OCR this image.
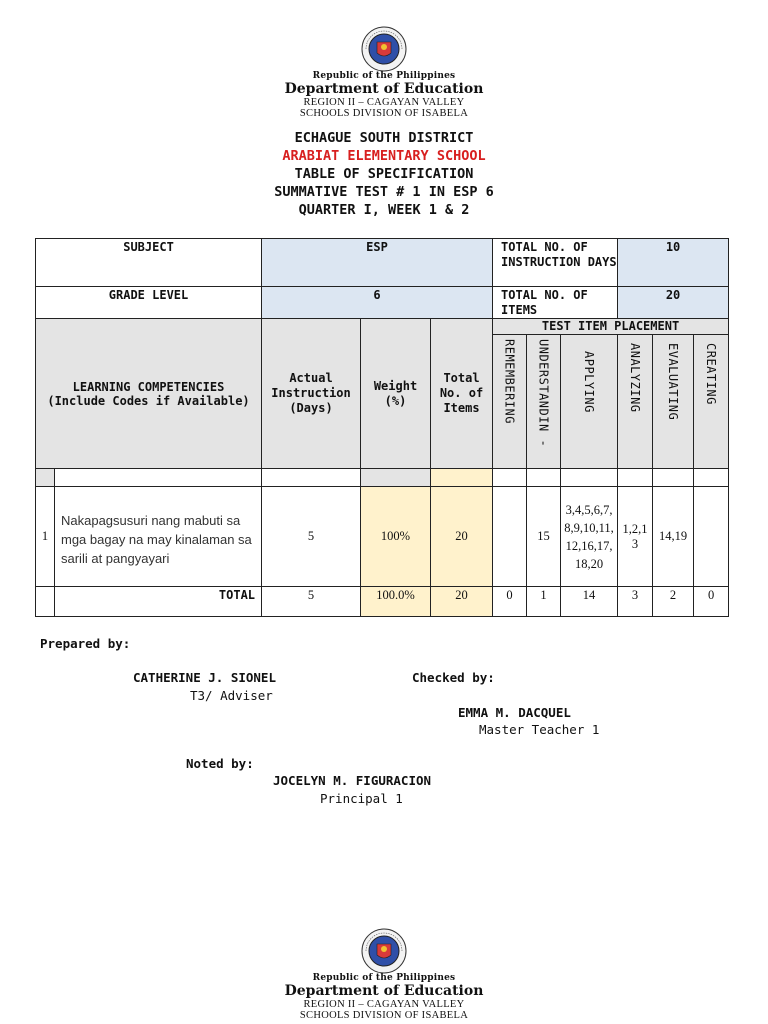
Republic of the Philippines
Department of Education
REGION II – CAGAYAN VALLEY
SCHOOLS DIVISION OF ISABELA
ECHAGUE SOUTH DISTRICT
ARABIAT ELEMENTARY SCHOOL
TABLE OF SPECIFICATION
SUMMATIVE TEST # 1 IN ESP 6
QUARTER I, WEEK 1 & 2
SUBJECT		ESP			TOTAL NO. OF INSTRUCTION DAYS			10		
GRADE LEVEL		6			TOTAL NO. OF ITEMS			20		

LEARNING COMPETENCIES
(Include Codes if Available)		Actual Instruction (Days)	Weight (%)	Total No. of Items	TEST ITEM PLACEMENT					

					REMEMBERING	UNDERSTANDIN -	APPLYING	ANALYZING	EVALUATING	CREATING

1	Nakapagsusuri nang mabuti sa mga bagay na may kinalaman sa sarili at pangyayari	5	100%	20		15	3,4,5,6,7,8,9,10,11,12,16,17,18,20	1,2,13	14,19	
	TOTAL	5	100.0%	20	0	1	14	3	2	0
Prepared by:
CATHERINE J. SIONEL
T3/ Adviser
Checked by:
EMMA M. DACQUEL
Master Teacher 1
Noted by:
JOCELYN M. FIGURACION
Principal 1
Republic of the Philippines
Department of Education
REGION II – CAGAYAN VALLEY
SCHOOLS DIVISION OF ISABELA
